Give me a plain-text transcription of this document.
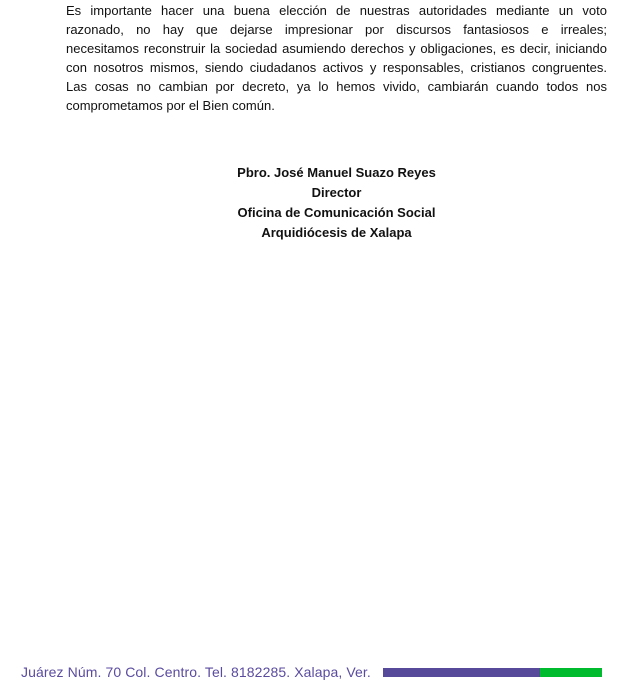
Es importante hacer una buena elección de nuestras autoridades mediante un voto
razonado, no hay que dejarse impresionar por discursos fantasiosos e irreales;
necesitamos reconstruir la sociedad asumiendo derechos y obligaciones, es decir, iniciando
con nosotros mismos, siendo ciudadanos activos y responsables, cristianos congruentes.
Las cosas no cambian por decreto, ya lo hemos vivido, cambiarán cuando todos nos
comprometamos por el Bien común.
Pbro. José Manuel Suazo Reyes
Director
Oficina de Comunicación Social
Arquidiócesis de Xalapa
Juárez Núm. 70 Col. Centro. Tel. 8182285. Xalapa, Ver.
